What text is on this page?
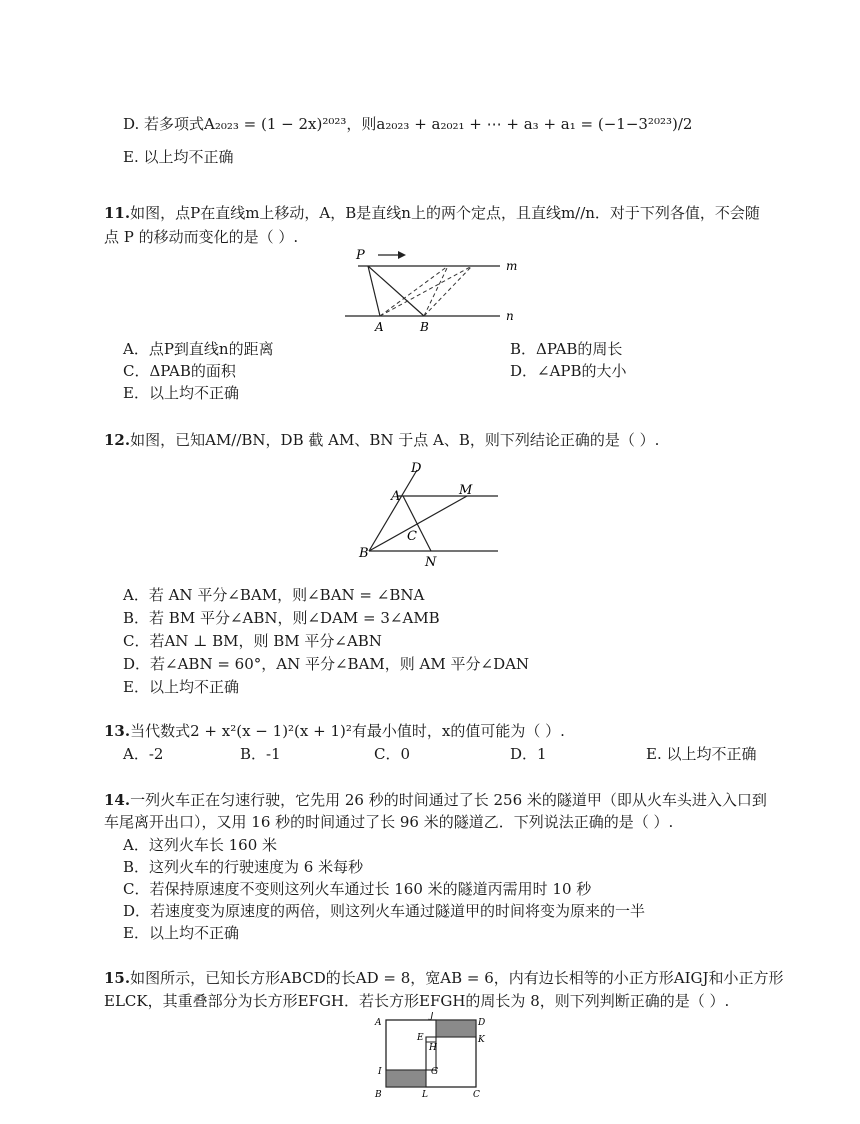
D. 若多项式A₂₀₂₃ = (1 − 2x)²⁰²³，则a₂₀₂₃ + a₂₀₂₁ + ⋯ + a₃ + a₁ = (−1−3²⁰²³)/2
E. 以上均不正确
11.如图，点P在直线m上移动，A，B是直线n上的两个定点，且直线m//n．对于下列各值，不会随
点 P 的移动而变化的是（ ）.
P
m
n
A	B
A．点P到直线n的距离	B．ΔPAB的周长
C．ΔPAB的面积	D．∠APB的大小
E．以上均不正确
12.如图，已知AM//BN，DB 截 AM、BN 于点 A、B，则下列结论正确的是（ ）.
D
A	M
B
C
N
A．若 AN 平分∠BAM，则∠BAN = ∠BNA
B．若 BM 平分∠ABN，则∠DAM = 3∠AMB
C．若AN ⊥ BM，则 BM 平分∠ABN
D．若∠ABN = 60°，AN 平分∠BAM，则 AM 平分∠DAN
E．以上均不正确
13.当代数式2 + x²(x − 1)²(x + 1)²有最小值时，x的值可能为（ ）.
A．-2	B．-1	C．0	D．1	E. 以上均不正确
14.一列火车正在匀速行驶，它先用 26 秒的时间通过了长 256 米的隧道甲（即从火车头进入入口到
车尾离开出口），又用 16 秒的时间通过了长 96 米的隧道乙．下列说法正确的是（ ）.
A．这列火车长 160 米
B．这列火车的行驶速度为 6 米每秒
C．若保持原速度不变则这列火车通过长 160 米的隧道丙需用时 10 秒
D．若速度变为原速度的两倍，则这列火车通过隧道甲的时间将变为原来的一半
E．以上均不正确
15.如图所示，已知长方形ABCD的长AD = 8，宽AB = 6，内有边长相等的小正方形AIGJ和小正方形
ELCK，其重叠部分为长方形EFGH．若长方形EFGH的周长为 8，则下列判断正确的是（ ）.
A
J
D
E	K
H
I	G
B	L	C
